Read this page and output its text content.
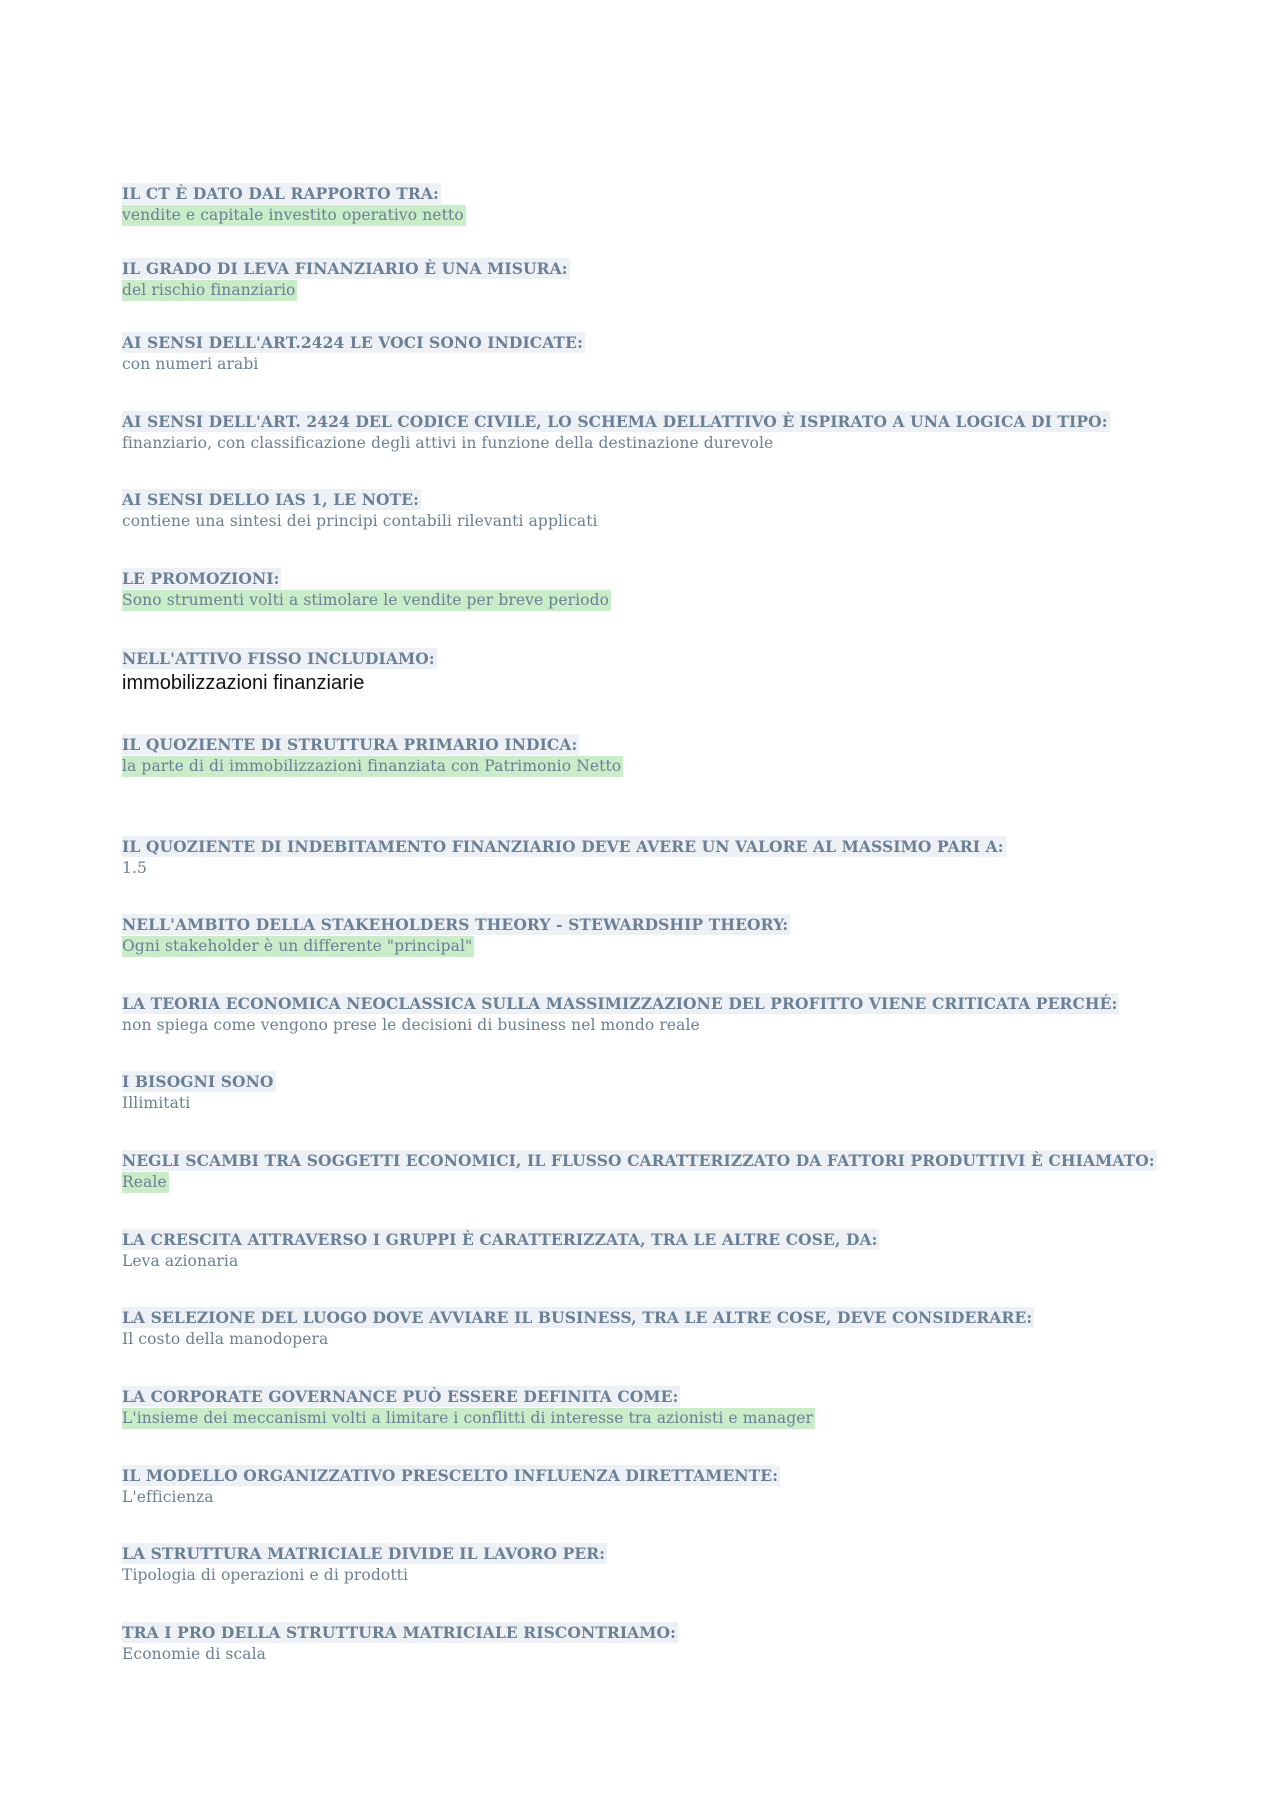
IL CT È DATO DAL RAPPORTO TRA:
vendite e capitale investito operativo netto
IL GRADO DI LEVA FINANZIARIO È UNA MISURA:
del rischio finanziario
AI SENSI DELL'ART.2424 LE VOCI SONO INDICATE:
con numeri arabi
AI SENSI DELL'ART. 2424 DEL CODICE CIVILE, LO SCHEMA DELLATTIVO È ISPIRATO A UNA LOGICA DI TIPO:
finanziario, con classificazione degli attivi in funzione della destinazione durevole
AI SENSI DELLO IAS 1, LE NOTE:
contiene una sintesi dei principi contabili rilevanti applicati
LE PROMOZIONI:
Sono strumenti volti a stimolare le vendite per breve periodo
NELL'ATTIVO FISSO INCLUDIAMO:
immobilizzazioni finanziarie
IL QUOZIENTE DI STRUTTURA PRIMARIO INDICA:
la parte di di immobilizzazioni finanziata con Patrimonio Netto
IL QUOZIENTE DI INDEBITAMENTO FINANZIARIO DEVE AVERE UN VALORE AL MASSIMO PARI A:
1.5
NELL'AMBITO DELLA STAKEHOLDERS THEORY - STEWARDSHIP THEORY:
Ogni stakeholder è un differente "principal"
LA TEORIA ECONOMICA NEOCLASSICA SULLA MASSIMIZZAZIONE DEL PROFITTO VIENE CRITICATA PERCHÉ:
non spiega come vengono prese le decisioni di business nel mondo reale
I BISOGNI SONO
Illimitati
NEGLI SCAMBI TRA SOGGETTI ECONOMICI, IL FLUSSO CARATTERIZZATO DA FATTORI PRODUTTIVI È CHIAMATO:
Reale
LA CRESCITA ATTRAVERSO I GRUPPI È CARATTERIZZATA, TRA LE ALTRE COSE, DA:
Leva azionaria
LA SELEZIONE DEL LUOGO DOVE AVVIARE IL BUSINESS, TRA LE ALTRE COSE, DEVE CONSIDERARE:
Il costo della manodopera
LA CORPORATE GOVERNANCE PUÒ ESSERE DEFINITA COME:
L'insieme dei meccanismi volti a limitare i conflitti di interesse tra azionisti e manager
IL MODELLO ORGANIZZATIVO PRESCELTO INFLUENZA DIRETTAMENTE:
L'efficienza
LA STRUTTURA MATRICIALE DIVIDE IL LAVORO PER:
Tipologia di operazioni e di prodotti
TRA I PRO DELLA STRUTTURA MATRICIALE RISCONTRIAMO:
Economie di scala
